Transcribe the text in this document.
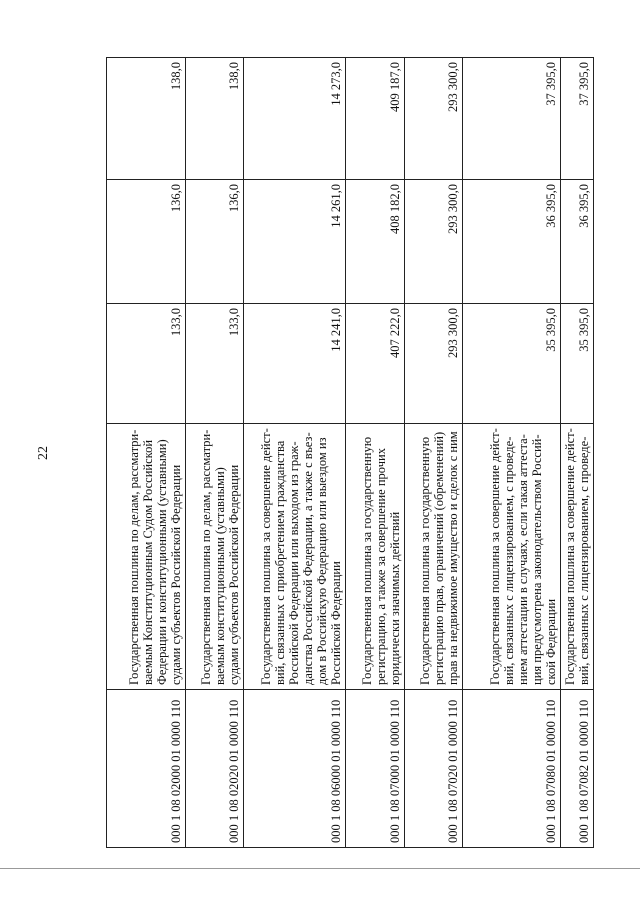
22
000 1 08 02000 01 0000 110	Государственная пошлина по делам, рассматри-ваемым Конституционным Судом Российской Федерации и конституционными (уставными) судами субъектов Российской Федерации	133,0	136,0	138,0
000 1 08 02020 01 0000 110	Государственная пошлина по делам, рассматри-ваемым конституционными (уставными) судами субъектов Российской Федерации	133,0	136,0	138,0
000 1 08 06000 01 0000 110	Государственная пошлина за совершение дейст-вий, связанных с приобретением гражданства Российской Федерации или выходом из граж-данства Российской Федерации, а также с въез-дом в Российскую Федерацию или выездом из Российской Федерации	14 241,0	14 261,0	14 273,0
000 1 08 07000 01 0000 110	Государственная пошлина за государственную регистрацию, а также за совершение прочих юридически значимых действий	407 222,0	408 182,0	409 187,0
000 1 08 07020 01 0000 110	Государственная пошлина за государственную регистрацию прав, ограничений (обременений) прав на недвижимое имущество и сделок с ним	293 300,0	293 300,0	293 300,0
000 1 08 07080 01 0000 110	Государственная пошлина за совершение дейст-вий, связанных с лицензированием, с проведе-нием аттестации в случаях, если такая аттеста-ция предусмотрена законодательством Россий-ской Федерации	35 395,0	36 395,0	37 395,0
000 1 08 07082 01 0000 110	Государственная пошлина за совершение дейст-вий, связанных с лицензированием, с проведе-	35 395,0	36 395,0	37 395,0
